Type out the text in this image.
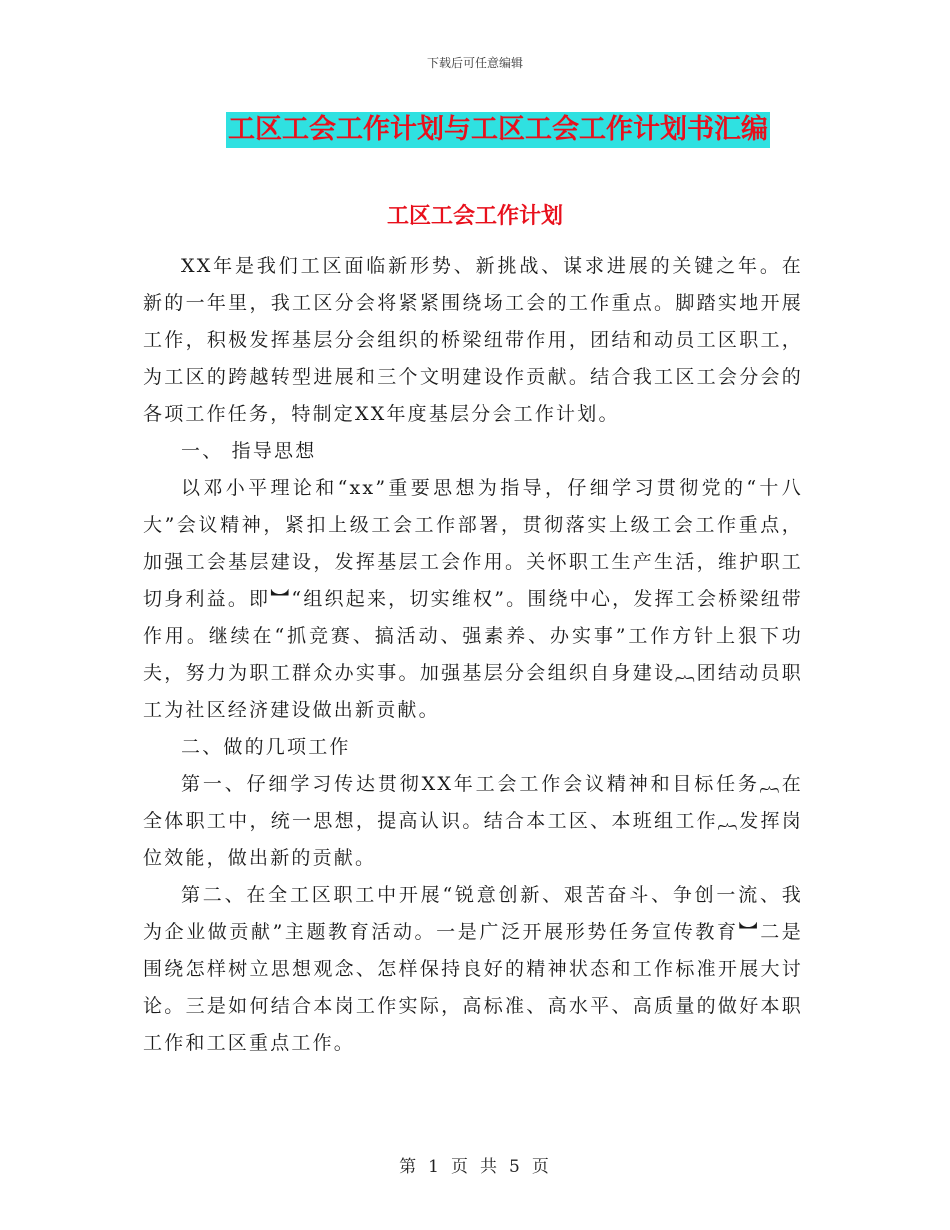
下载后可任意编辑
工区工会工作计划与工区工会工作计划书汇编
工区工会工作计划

XX年是我们工区面临新形势、新挑战、谋求进展的关键之年。在新的一年里，我工区分会将紧紧围绕场工会的工作重点。脚踏实地开展工作，积极发挥基层分会组织的桥梁纽带作用，团结和动员工区职工，为工区的跨越转型进展和三个文明建设作贡献。结合我工区工会分会的各项工作任务，特制定XX年度基层分会工作计划。

一、 指导思想

以邓小平理论和“xx”重要思想为指导，仔细学习贯彻党的“十八大”会议精神，紧扣上级工会工作部署，贯彻落实上级工会工作重点，加强工会基层建设，发挥基层工会作用。关怀职工生产生活，维护职工切身利益。即︼“组织起来，切实维权”。围绕中心，发挥工会桥梁纽带作用。继续在“抓竞赛、搞活动、强素养、办实事”工作方针上狠下功夫，努力为职工群众办实事。加强基层分会组织自身建设︷团结动员职工为社区经济建设做出新贡献。

二、做的几项工作

第一、仔细学习传达贯彻XX年工会工作会议精神和目标任务︷在全体职工中，统一思想，提高认识。结合本工区、本班组工作︷发挥岗位效能，做出新的贡献。

第二、在全工区职工中开展“锐意创新、艰苦奋斗、争创一流、我为企业做贡献”主题教育活动。一是广泛开展形势任务宣传教育︼二是围绕怎样树立思想观念、怎样保持良好的精神状态和工作标准开展大讨论。三是如何结合本岗工作实际，高标准、高水平、高质量的做好本职工作和工区重点工作。

第 1 页 共 5 页
